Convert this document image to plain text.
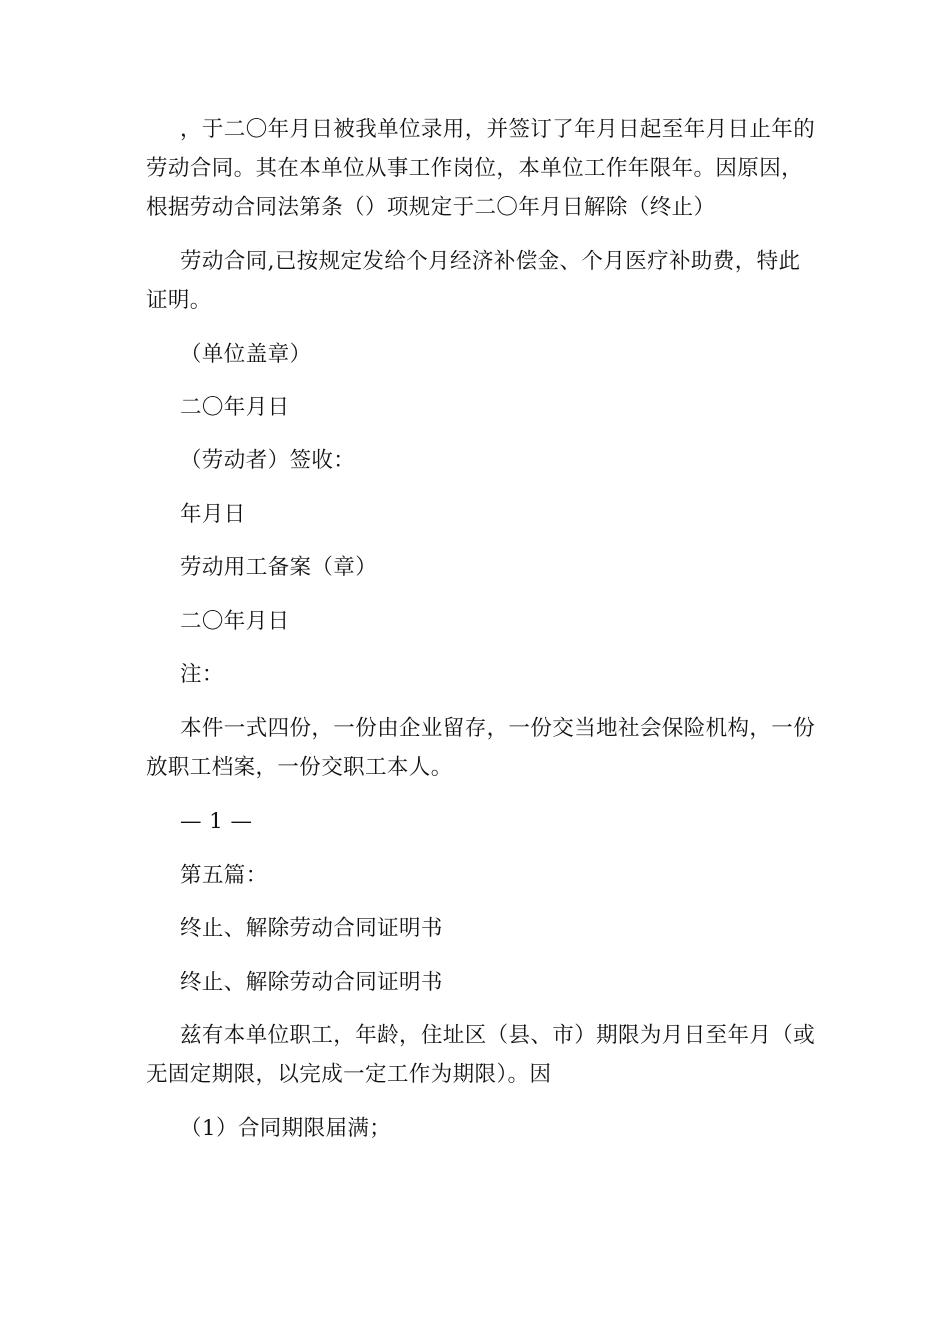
，于二〇年月日被我单位录用，并签订了年月日起至年月日止年的
劳动合同。其在本单位从事工作岗位，本单位工作年限年。因原因，
根据劳动合同法第条（）项规定于二〇年月日解除（终止）
劳动合同,已按规定发给个月经济补偿金、个月医疗补助费，特此
证明。
（单位盖章）
二〇年月日
（劳动者）签收：
年月日
劳动用工备案（章）
二〇年月日
注：
本件一式四份，一份由企业留存，一份交当地社会保险机构，一份
放职工档案，一份交职工本人。
— 1 —
第五篇：
终止、解除劳动合同证明书
终止、解除劳动合同证明书
兹有本单位职工，年龄，住址区（县、市）期限为月日至年月（或
无固定期限，以完成一定工作为期限）。因
（1）合同期限届满；
